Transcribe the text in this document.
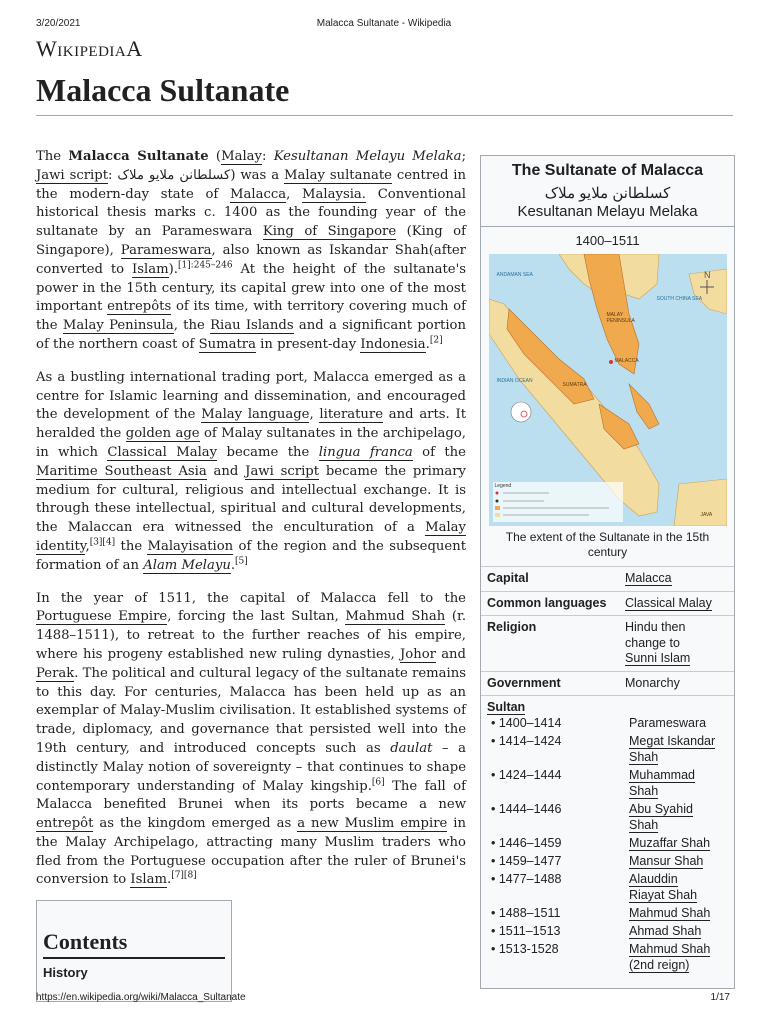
3/20/2021	Malacca Sultanate - Wikipedia
WikipediaA
Malacca Sultanate

The Malacca Sultanate (Malay: Kesultanan Melayu Melaka; Jawi script: كسلطانن ملايو ملاک) was a Malay sultanate centred in the modern-day state of Malacca, Malaysia. Conventional historical thesis marks c. 1400 as the founding year of the sultanate by an Parameswara King of Singapore (King of Singapore), Parameswara, also known as Iskandar Shah(after converted to Islam).$^{[1]:245-246}$ At the height of the sultanate's power in the 15th century, its capital grew into one of the most important entrepôts of its time, with territory covering much of the Malay Peninsula, the Riau Islands and a significant portion of the northern coast of Sumatra in present-day Indonesia.[2]

As a bustling international trading port, Malacca emerged as a centre for Islamic learning and dissemination, and encouraged the development of the Malay language, literature and arts. It heralded the golden age of Malay sultanates in the archipelago, in which Classical Malay became the lingua franca of the Maritime Southeast Asia and Jawi script became the primary medium for cultural, religious and intellectual exchange. It is through these intellectual, spiritual and cultural developments, the Malaccan era witnessed the enculturation of a Malay identity,[3][4] the Malayisation of the region and the subsequent formation of an Alam Melayu.[5]

In the year of 1511, the capital of Malacca fell to the Portuguese Empire, forcing the last Sultan, Mahmud Shah (r. 1488–1511), to retreat to the further reaches of his empire, where his progeny established new ruling dynasties, Johor and Perak. The political and cultural legacy of the sultanate remains to this day. For centuries, Malacca has been held up as an exemplar of Malay-Muslim civilisation. It established systems of trade, diplomacy, and governance that persisted well into the 19th century, and introduced concepts such as daulat – a distinctly Malay notion of sovereignty – that continues to shape contemporary understanding of Malay kingship.[6] The fall of Malacca benefited Brunei when its ports became a new entrepôt as the kingdom emerged as a new Muslim empire in the Malay Archipelago, attracting many Muslim traders who fled from the Portuguese occupation after the ruler of Brunei's conversion to Islam.[7][8]

Contents
History
The Sultanate of Malacca
كسلطانن ملايو ملاک
Kesultanan Melayu Melaka
1400–1511
N
ANDAMAN SEA
SOUTH CHINA SEA
INDIAN OCEAN
MALAY PENINSULA
MALACCA
SUMATRA
JAVA
Legend
The extent of the Sultanate in the 15th century
Capital	Malacca
Common languages	Classical Malay
Religion	Hindu then
change to
Sunni Islam
Government	Monarchy
Sultan
• 1400–1414	Parameswara
• 1414–1424	Megat Iskandar
Shah
• 1424–1444	Muhammad
Shah
• 1444–1446	Abu Syahid
Shah
• 1446–1459	Muzaffar Shah
• 1459–1477	Mansur Shah
• 1477–1488	Alauddin
Riayat Shah
• 1488–1511	Mahmud Shah
• 1511–1513	Ahmad Shah
• 1513-1528	Mahmud Shah
(2nd reign)
https://en.wikipedia.org/wiki/Malacca_Sultanate	1/17
